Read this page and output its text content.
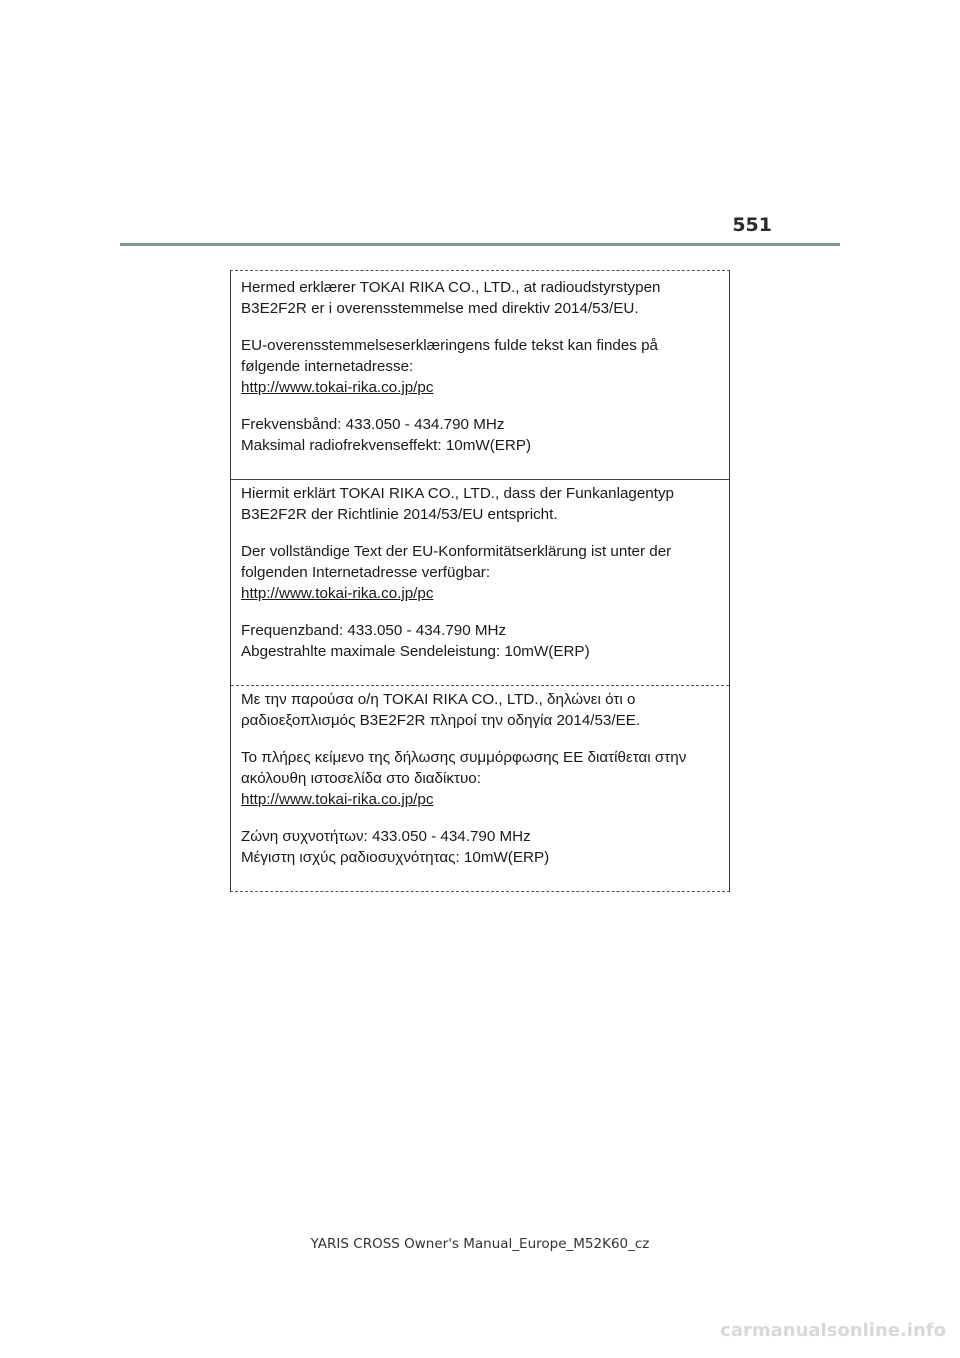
551

Hermed erklærer TOKAI RIKA CO., LTD., at radioudstyrstypen
B3E2F2R er i overensstemmelse med direktiv 2014/53/EU.

EU-overensstemmelseserklæringens fulde tekst kan findes på
følgende internetadresse:
http://www.tokai-rika.co.jp/pc

Frekvensbånd: 433.050 - 434.790 MHz
Maksimal radiofrekvenseffekt: 10mW(ERP)

Hiermit erklärt TOKAI RIKA CO., LTD., dass der Funkanlagentyp
B3E2F2R der Richtlinie 2014/53/EU entspricht.

Der vollständige Text der EU-Konformitätserklärung ist unter der
folgenden Internetadresse verfügbar:
http://www.tokai-rika.co.jp/pc

Frequenzband: 433.050 - 434.790 MHz
Abgestrahlte maximale Sendeleistung: 10mW(ERP)

Με την παρούσα ο/η TOKAI RIKA CO., LTD., δηλώνει ότι ο
ραδιοεξοπλισμός B3E2F2R πληροί την οδηγία 2014/53/ΕΕ.

Το πλήρες κείμενο της δήλωσης συμμόρφωσης ΕΕ διατίθεται στην
ακόλουθη ιστοσελίδα στο διαδίκτυο:
http://www.tokai-rika.co.jp/pc

Ζώνη συχνοτήτων: 433.050 - 434.790 MHz
Μέγιστη ισχύς ραδιοσυχνότητας: 10mW(ERP)

YARIS CROSS Owner's Manual_Europe_M52K60_cz
carmanualsonline.info
